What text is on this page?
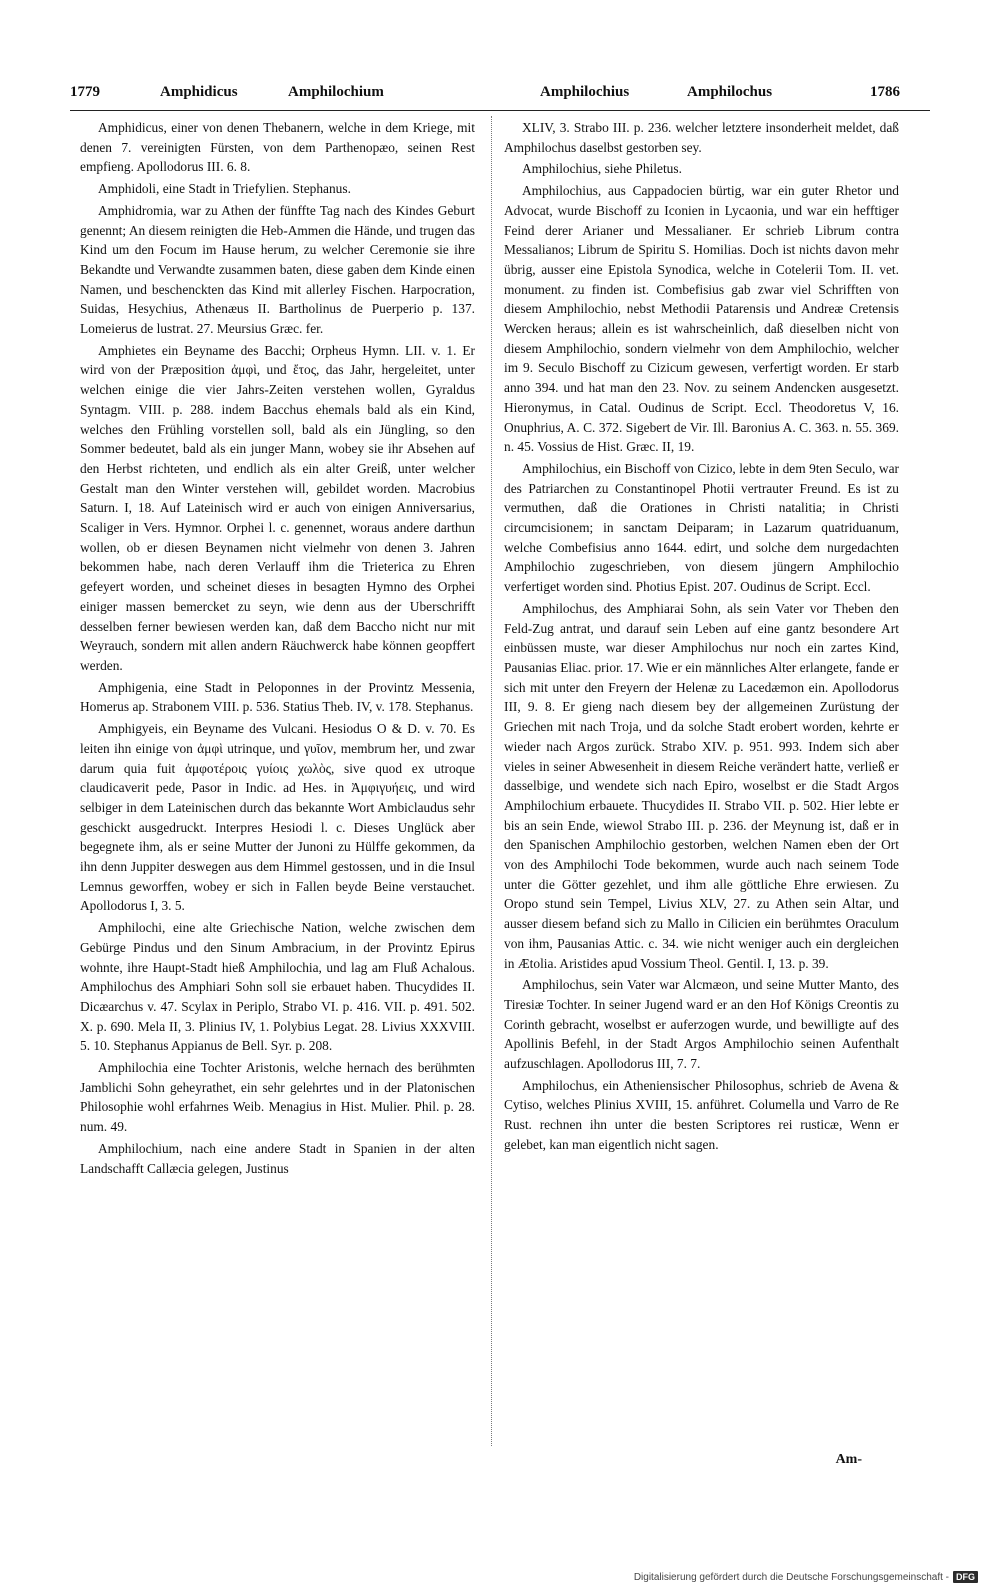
1779	Amphidicus	Amphilochium	Amphilochius	Amphilochus	1786

Amphidicus, einer von denen Thebanern, welche in dem Kriege, mit denen 7. vereinigten Fürsten, von dem Parthenopæo, seinen Rest empfieng. Apollodorus III. 6. 8.

Amphidoli, eine Stadt in Triefylien. Stephanus.

Amphidromia, war zu Athen der fünffte Tag nach des Kindes Geburt genennt; An diesem reinigten die Heb-Ammen die Hände, und trugen das Kind um den Focum im Hause herum, zu welcher Ceremonie sie ihre Bekandte und Verwandte zusammen baten, diese gaben dem Kinde einen Namen, und beschenckten das Kind mit allerley Fischen. Harpocration, Suidas, Hesychius, Athenæus II. Bartholinus de Puerperio p. 137. Lomeierus de lustrat. 27. Meursius Græc. fer.

Amphietes ein Beyname des Bacchi; Orpheus Hymn. LII. v. 1. Er wird von der Præposition ἀμφὶ, und ἔτος, das Jahr, hergeleitet, unter welchen einige die vier Jahrs-Zeiten verstehen wollen, Gyraldus Syntagm. VIII. p. 288. indem Bacchus ehemals bald als ein Kind, welches den Frühling vorstellen soll, bald als ein Jüngling, so den Sommer bedeutet, bald als ein junger Mann, wobey sie ihr Absehen auf den Herbst richteten, und endlich als ein alter Greiß, unter welcher Gestalt man den Winter verstehen will, gebildet worden. Macrobius Saturn. I, 18. Auf Lateinisch wird er auch von einigen Anniversarius, Scaliger in Vers. Hymnor. Orphei l. c. genennet, woraus andere darthun wollen, ob er diesen Beynamen nicht vielmehr von denen 3. Jahren bekommen habe, nach deren Verlauff ihm die Trieterica zu Ehren gefeyert worden, und scheinet dieses in besagten Hymno des Orphei einiger massen bemercket zu seyn, wie denn aus der Uberschrifft desselben ferner bewiesen werden kan, daß dem Baccho nicht nur mit Weyrauch, sondern mit allen andern Räuchwerck habe können geopffert werden.

Amphigenia, eine Stadt in Peloponnes in der Provintz Messenia, Homerus ap. Strabonem VIII. p. 536. Statius Theb. IV, v. 178. Stephanus.

Amphigyeis, ein Beyname des Vulcani. Hesiodus O & D. v. 70. Es leiten ihn einige von ἀμφὶ utrinque, und γυῖον, membrum her, und zwar darum quia fuit ἀμφοτέροις γυίοις χωλὸς, sive quod ex utroque claudicaverit pede, Pasor in Indic. ad Hes. in Ἀμφιγυήεις, und wird selbiger in dem Lateinischen durch das bekannte Wort Ambiclaudus sehr geschickt ausgedruckt. Interpres Hesiodi l. c. Dieses Unglück aber begegnete ihm, als er seine Mutter der Junoni zu Hülffe gekommen, da ihn denn Juppiter deswegen aus dem Himmel gestossen, und in die Insul Lemnus geworffen, wobey er sich in Fallen beyde Beine verstauchet. Apollodorus I, 3. 5.

Amphilochi, eine alte Griechische Nation, welche zwischen dem Gebürge Pindus und den Sinum Ambracium, in der Provintz Epirus wohnte, ihre Haupt-Stadt hieß Amphilochia, und lag am Fluß Achalous. Amphilochus des Amphiari Sohn soll sie erbauet haben. Thucydides II. Dicæarchus v. 47. Scylax in Periplo, Strabo VI. p. 416. VII. p. 491. 502. X. p. 690. Mela II, 3. Plinius IV, 1. Polybius Legat. 28. Livius XXXVIII. 5. 10. Stephanus Appianus de Bell. Syr. p. 208.

Amphilochia eine Tochter Aristonis, welche hernach des berühmten Jamblichi Sohn geheyrathet, ein sehr gelehrtes und in der Platonischen Philosophie wohl erfahrnes Weib. Menagius in Hist. Mulier. Phil. p. 28. num. 49.

Amphilochium, nach eine andere Stadt in Spanien in der alten Landschafft Callæcia gelegen, Justinus

XLIV, 3. Strabo III. p. 236. welcher letztere insonderheit meldet, daß Amphilochus daselbst gestorben sey.

Amphilochius, siehe Philetus.

Amphilochius, aus Cappadocien bürtig, war ein guter Rhetor und Advocat, wurde Bischoff zu Iconien in Lycaonia, und war ein hefftiger Feind derer Arianer und Messalianer. Er schrieb Librum contra Messalianos; Librum de Spiritu S. Homilias. Doch ist nichts davon mehr übrig, ausser eine Epistola Synodica, welche in Cotelerii Tom. II. vet. monument. zu finden ist. Combefisius gab zwar viel Schrifften von diesem Amphilochio, nebst Methodii Patarensis und Andreæ Cretensis Wercken heraus; allein es ist wahrscheinlich, daß dieselben nicht von diesem Amphilochio, sondern vielmehr von dem Amphilochio, welcher im 9. Seculo Bischoff zu Cizicum gewesen, verfertigt worden. Er starb anno 394. und hat man den 23. Nov. zu seinem Andencken ausgesetzt. Hieronymus, in Catal. Oudinus de Script. Eccl. Theodoretus V, 16. Onuphrius, A. C. 372. Sigebert de Vir. Ill. Baronius A. C. 363. n. 55. 369. n. 45. Vossius de Hist. Græc. II, 19.

Amphilochius, ein Bischoff von Cizico, lebte in dem 9ten Seculo, war des Patriarchen zu Constantinopel Photii vertrauter Freund. Es ist zu vermuthen, daß die Orationes in Christi natalitia; in Christi circumcisionem; in sanctam Deiparam; in Lazarum quatriduanum, welche Combefisius anno 1644. edirt, und solche dem nurgedachten Amphilochio zugeschrieben, von diesem jüngern Amphilochio verfertiget worden sind. Photius Epist. 207. Oudinus de Script. Eccl.

Amphilochus, des Amphiarai Sohn, als sein Vater vor Theben den Feld-Zug antrat, und darauf sein Leben auf eine gantz besondere Art einbüssen muste, war dieser Amphilochus nur noch ein zartes Kind, Pausanias Eliac. prior. 17. Wie er ein männliches Alter erlangete, fande er sich mit unter den Freyern der Helenæ zu Lacedæmon ein. Apollodorus III, 9. 8. Er gieng nach diesem bey der allgemeinen Zurüstung der Griechen mit nach Troja, und da solche Stadt erobert worden, kehrte er wieder nach Argos zurück. Strabo XIV. p. 951. 993. Indem sich aber vieles in seiner Abwesenheit in diesem Reiche verändert hatte, verließ er dasselbige, und wendete sich nach Epiro, woselbst er die Stadt Argos Amphilochium erbauete. Thucydides II. Strabo VII. p. 502. Hier lebte er bis an sein Ende, wiewol Strabo III. p. 236. der Meynung ist, daß er in den Spanischen Amphilochio gestorben, welchen Namen eben der Ort von des Amphilochi Tode bekommen, wurde auch nach seinem Tode unter die Götter gezehlet, und ihm alle göttliche Ehre erwiesen. Zu Oropo stund sein Tempel, Livius XLV, 27. zu Athen sein Altar, und ausser diesem befand sich zu Mallo in Cilicien ein berühmtes Oraculum von ihm, Pausanias Attic. c. 34. wie nicht weniger auch ein dergleichen in Ætolia. Aristides apud Vossium Theol. Gentil. I, 13. p. 39.

Amphilochus, sein Vater war Alcmæon, und seine Mutter Manto, des Tiresiæ Tochter. In seiner Jugend ward er an den Hof Königs Creontis zu Corinth gebracht, woselbst er auferzogen wurde, und bewilligte auf des Apollinis Befehl, in der Stadt Argos Amphilochio seinen Aufenthalt aufzuschlagen. Apollodorus III, 7. 7.

Amphilochus, ein Atheniensischer Philosophus, schrieb de Avena & Cytiso, welches Plinius XVIII, 15. anführet. Columella und Varro de Re Rust. rechnen ihn unter die besten Scriptores rei rusticæ, Wenn er gelebet, kan man eigentlich nicht sagen.

Am-
Digitalisierung gefördert durch die Deutsche Forschungsgemeinschaft - DFG
